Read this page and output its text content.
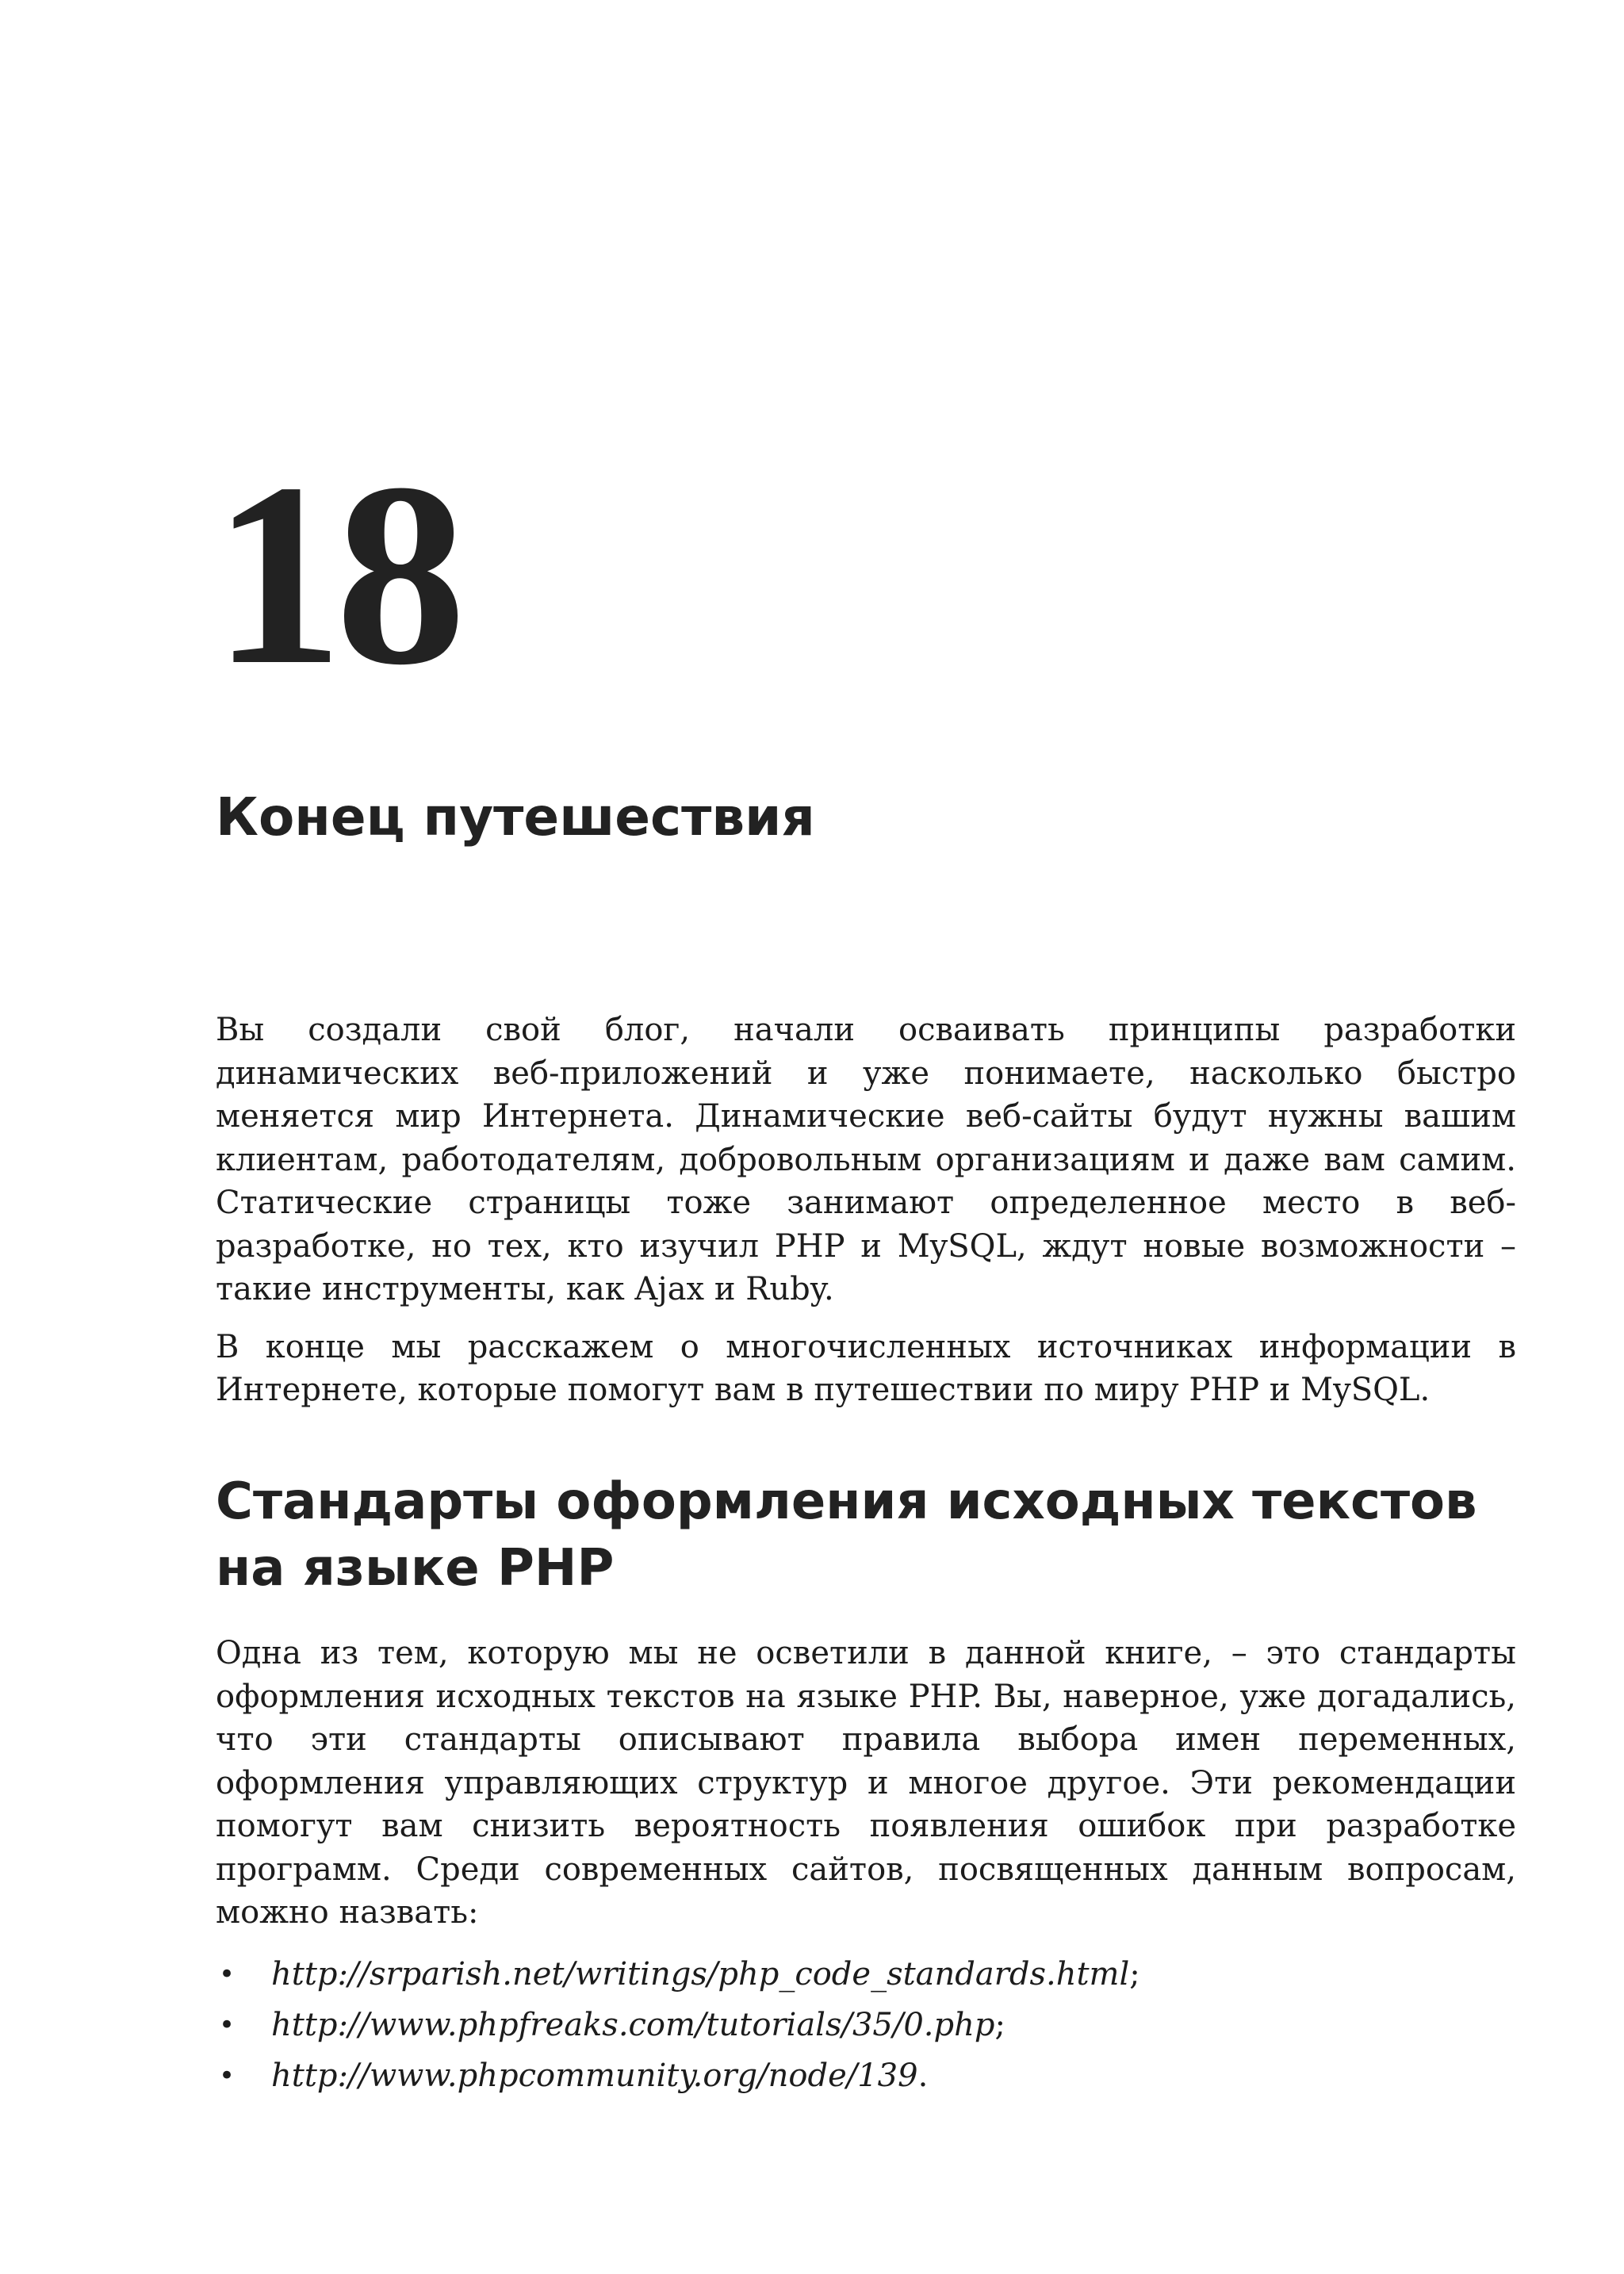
18
Конец путешествия

Вы создали свой блог, начали осваивать принципы разработки динамических веб-приложений и уже понимаете, насколько быстро меняется мир Интернета. Динамические веб-сайты будут нужны вашим клиентам, работодателям, добровольным организациям и даже вам самим. Статические страницы тоже занимают определенное место в веб-разработке, но тех, кто изучил PHP и MySQL, ждут новые возможности – такие инструменты, как Ajax и Ruby.

В конце мы расскажем о многочисленных источниках информации в Интернете, которые помогут вам в путешествии по миру PHP и MySQL.

Стандарты оформления исходных текстов на языке PHP

Одна из тем, которую мы не осветили в данной книге, – это стандарты оформления исходных текстов на языке PHP. Вы, наверное, уже догадались, что эти стандарты описывают правила выбора имен переменных, оформления управляющих структур и многое другое. Эти рекомендации помогут вам снизить вероятность появления ошибок при разработке программ. Среди современных сайтов, посвященных данным вопросам, можно назвать:

• http://srparish.net/writings/php_code_standards.html;
• http://www.phpfreaks.com/tutorials/35/0.php;
• http://www.phpcommunity.org/node/139.
